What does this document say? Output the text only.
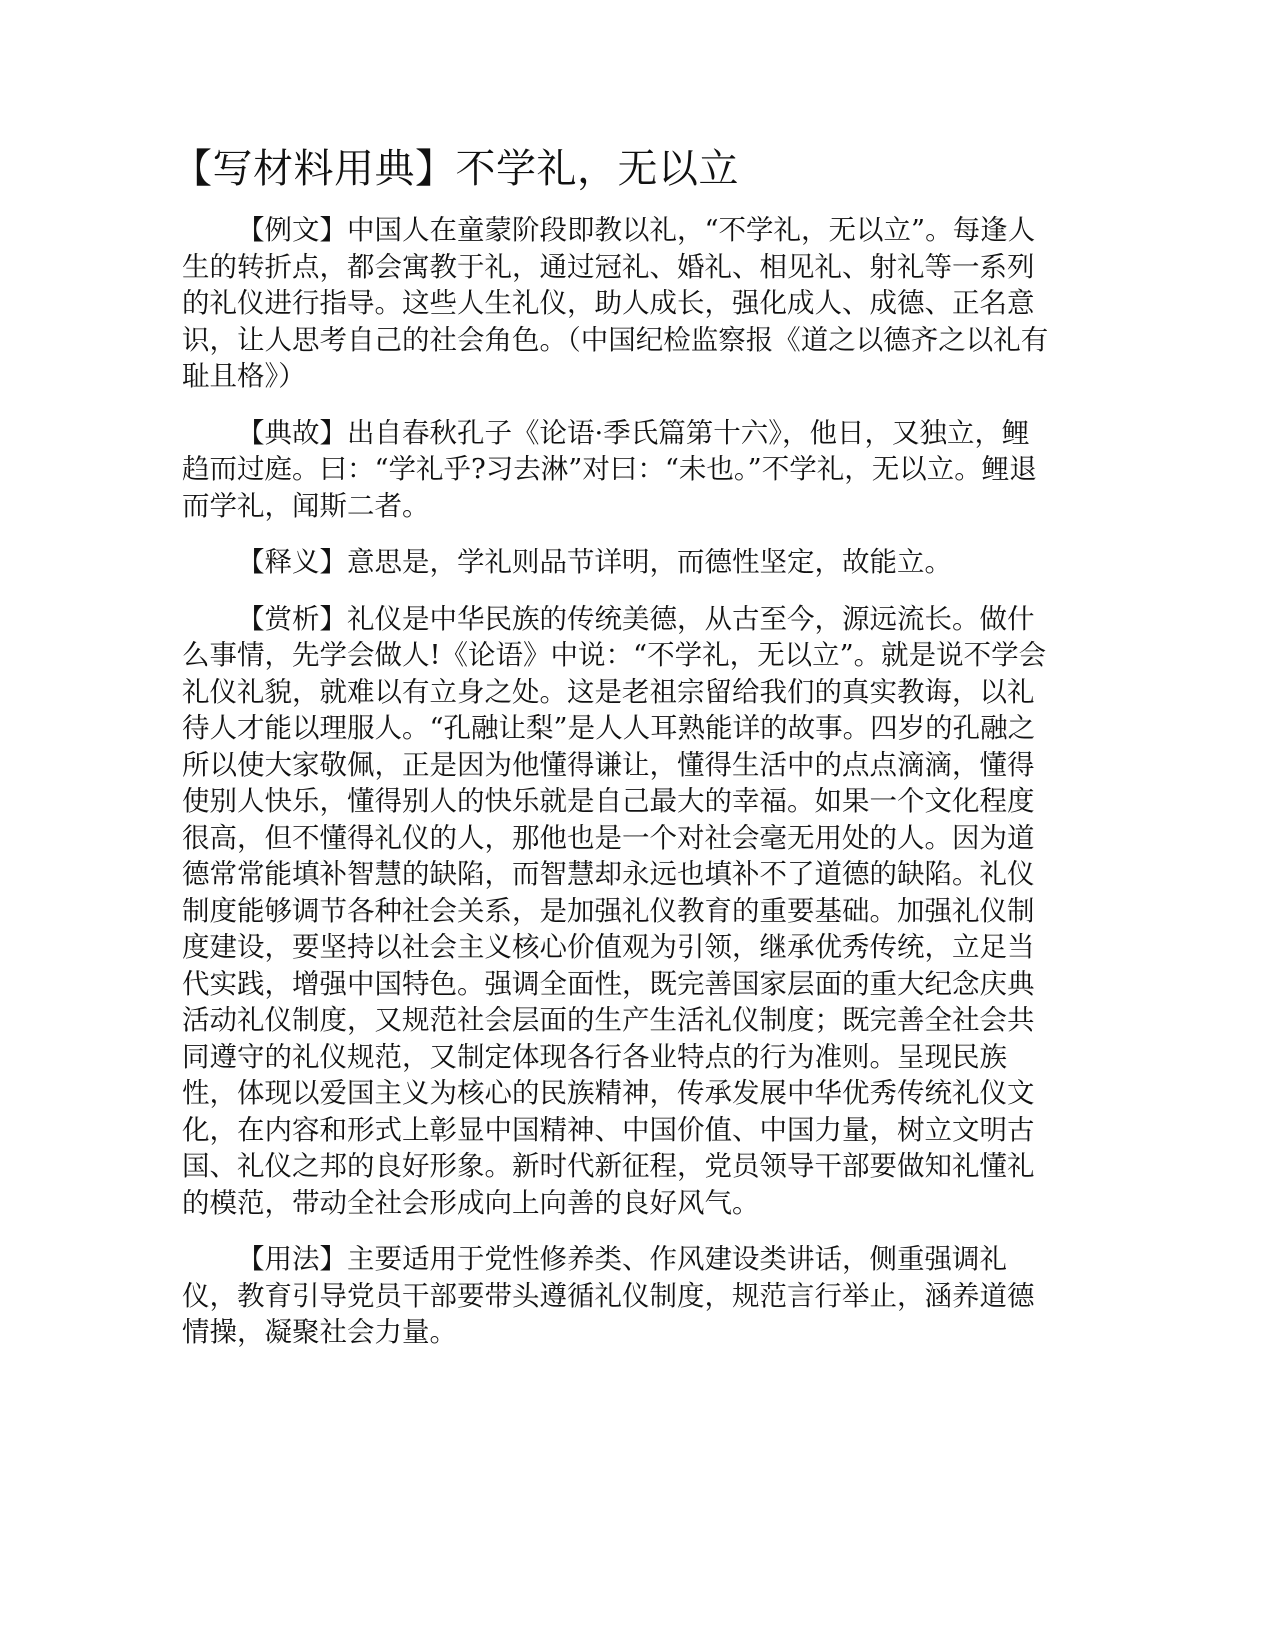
【写材料用典】不学礼，无以立

【例文】中国人在童蒙阶段即教以礼，“不学礼，无以立”。每逢人生的转折点，都会寓教于礼，通过冠礼、婚礼、相见礼、射礼等一系列的礼仪进行指导。这些人生礼仪，助人成长，强化成人、成德、正名意识，让人思考自己的社会角色。（中国纪检监察报《道之以德齐之以礼有耻且格》）

【典故】出自春秋孔子《论语·季氏篇第十六》，他日，又独立，鲤趋而过庭。曰：“学礼乎?习去淋”对曰：“未也。”不学礼，无以立。鲤退而学礼，闻斯二者。

【释义】意思是，学礼则品节详明，而德性坚定，故能立。

【赏析】礼仪是中华民族的传统美德，从古至今，源远流长。做什么事情，先学会做人!《论语》中说：“不学礼，无以立”。就是说不学会礼仪礼貌，就难以有立身之处。这是老祖宗留给我们的真实教诲，以礼待人才能以理服人。“孔融让梨”是人人耳熟能详的故事。四岁的孔融之所以使大家敬佩，正是因为他懂得谦让，懂得生活中的点点滴滴，懂得使别人快乐，懂得别人的快乐就是自己最大的幸福。如果一个文化程度很高，但不懂得礼仪的人，那他也是一个对社会毫无用处的人。因为道德常常能填补智慧的缺陷，而智慧却永远也填补不了道德的缺陷。礼仪制度能够调节各种社会关系，是加强礼仪教育的重要基础。加强礼仪制度建设，要坚持以社会主义核心价值观为引领，继承优秀传统，立足当代实践，增强中国特色。强调全面性，既完善国家层面的重大纪念庆典活动礼仪制度，又规范社会层面的生产生活礼仪制度；既完善全社会共同遵守的礼仪规范，又制定体现各行各业特点的行为准则。呈现民族性，体现以爱国主义为核心的民族精神，传承发展中华优秀传统礼仪文化，在内容和形式上彰显中国精神、中国价值、中国力量，树立文明古国、礼仪之邦的良好形象。新时代新征程，党员领导干部要做知礼懂礼的模范，带动全社会形成向上向善的良好风气。

【用法】主要适用于党性修养类、作风建设类讲话，侧重强调礼仪，教育引导党员干部要带头遵循礼仪制度，规范言行举止，涵养道德情操，凝聚社会力量。
